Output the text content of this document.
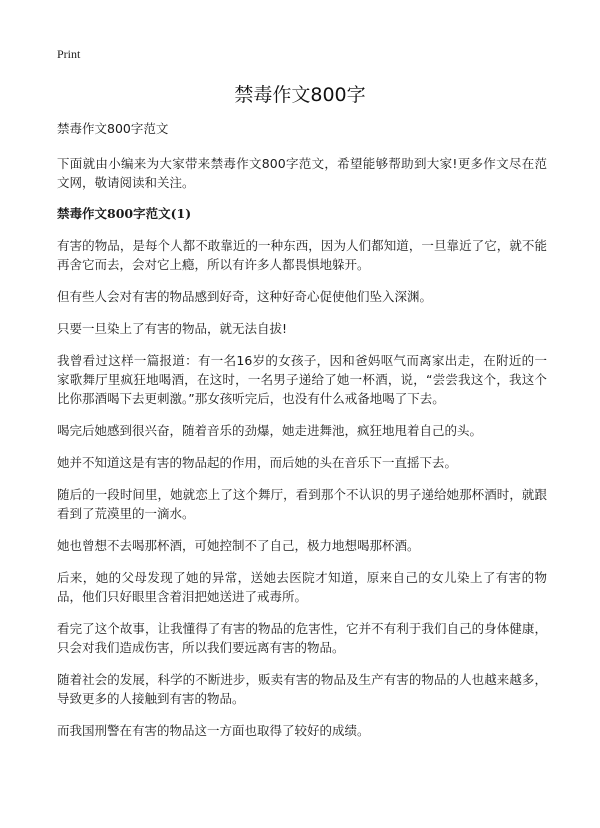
Print
禁毒作文800字
禁毒作文800字范文
下面就由小编来为大家带来禁毒作文800字范文，希望能够帮助到大家!更多作文尽在范文网，敬请阅读和关注。
禁毒作文800字范文(1)
有害的物品，是每个人都不敢靠近的一种东西，因为人们都知道，一旦靠近了它，就不能再舍它而去，会对它上瘾，所以有许多人都畏惧地躲开。
但有些人会对有害的物品感到好奇，这种好奇心促使他们坠入深渊。
只要一旦染上了有害的物品，就无法自拔!
我曾看过这样一篇报道：有一名16岁的女孩子，因和爸妈呕气而离家出走，在附近的一家歌舞厅里疯狂地喝酒，在这时，一名男子递给了她一杯酒，说，“尝尝我这个，我这个比你那酒喝下去更刺激。”那女孩听完后，也没有什么戒备地喝了下去。
喝完后她感到很兴奋，随着音乐的劲爆，她走进舞池，疯狂地甩着自己的头。
她并不知道这是有害的物品起的作用，而后她的头在音乐下一直摇下去。
随后的一段时间里，她就恋上了这个舞厅，看到那个不认识的男子递给她那杯酒时，就跟看到了荒漠里的一滴水。
她也曾想不去喝那杯酒，可她控制不了自己，极力地想喝那杯酒。
后来，她的父母发现了她的异常，送她去医院才知道，原来自己的女儿染上了有害的物品，他们只好眼里含着泪把她送进了戒毒所。
看完了这个故事，让我懂得了有害的物品的危害性，它并不有利于我们自己的身体健康，只会对我们造成伤害，所以我们要远离有害的物品。
随着社会的发展，科学的不断进步，贩卖有害的物品及生产有害的物品的人也越来越多，导致更多的人接触到有害的物品。
而我国刑警在有害的物品这一方面也取得了较好的成绩。
